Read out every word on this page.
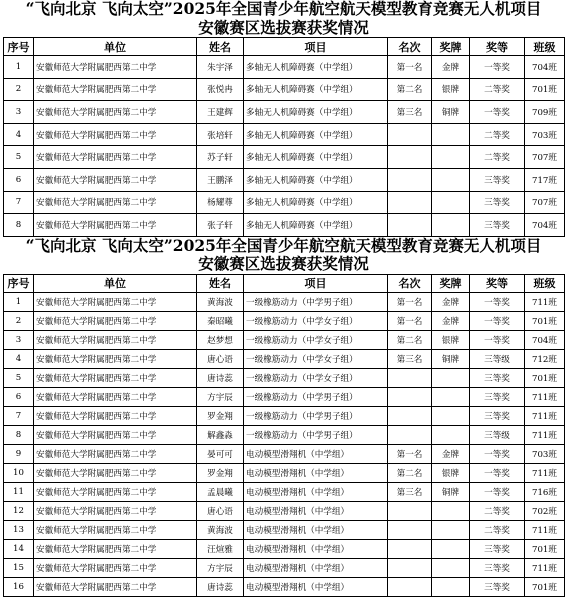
“飞向北京 飞向太空”2025年全国青少年航空航天模型教育竞赛无人机项目
安徽赛区选拔赛获奖情况
序号	单位	姓名	项目	名次	奖牌	奖等	班级
1	安徽师范大学附属肥西第二中学	朱宇泽	多轴无人机障碍赛（中学组）	第一名	金牌	一等奖	704班
2	安徽师范大学附属肥西第二中学	张悦冉	多轴无人机障碍赛（中学组）	第二名	银牌	二等奖	701班
3	安徽师范大学附属肥西第二中学	王建辉	多轴无人机障碍赛（中学组）	第三名	铜牌	一等奖	709班
4	安徽师范大学附属肥西第二中学	张培轩	多轴无人机障碍赛（中学组）			二等奖	703班
5	安徽师范大学附属肥西第二中学	苏子轩	多轴无人机障碍赛（中学组）			二等奖	707班
6	安徽师范大学附属肥西第二中学	王鹏泽	多轴无人机障碍赛（中学组）			三等奖	717班
7	安徽师范大学附属肥西第二中学	杨耀尊	多轴无人机障碍赛（中学组）			三等奖	707班
8	安徽师范大学附属肥西第二中学	张子轩	多轴无人机障碍赛（中学组）			三等奖	704班
“飞向北京 飞向太空”2025年全国青少年航空航天模型教育竞赛无人机项目
安徽赛区选拔赛获奖情况
序号	单位	姓名	项目	名次	奖牌	奖等	班级
1	安徽师范大学附属肥西第二中学	黄海波	一级橡筋动力（中学男子组）	第一名	金牌	一等奖	711班
2	安徽师范大学附属肥西第二中学	秦昭曦	一级橡筋动力（中学女子组）	第一名	金牌	一等奖	701班
3	安徽师范大学附属肥西第二中学	赵梦想	一级橡筋动力（中学女子组）	第二名	银牌	一等奖	704班
4	安徽师范大学附属肥西第二中学	唐心语	一级橡筋动力（中学女子组）	第三名	铜牌	三等级	712班
5	安徽师范大学附属肥西第二中学	唐诗蕊	一级橡筋动力（中学女子组）			三等奖	701班
6	安徽师范大学附属肥西第二中学	方宇辰	一级橡筋动力（中学男子组）			三等奖	711班
7	安徽师范大学附属肥西第二中学	罗金翔	一级橡筋动力（中学男子组）			三等奖	711班
8	安徽师范大学附属肥西第二中学	解鑫淼	一级橡筋动力（中学男子组）			三等级	711班
9	安徽师范大学附属肥西第二中学	晏可可	电动模型滑翔机（中学组）	第一名	金牌	一等奖	703班
10	安徽师范大学附属肥西第二中学	罗金翔	电动模型滑翔机（中学组）	第二名	银牌	一等奖	711班
11	安徽师范大学附属肥西第二中学	孟晨曦	电动模型滑翔机（中学组）	第三名	铜牌	一等奖	716班
12	安徽师范大学附属肥西第二中学	唐心语	电动模型滑翔机（中学组）			二等奖	702班
13	安徽师范大学附属肥西第二中学	黄海波	电动模型滑翔机（中学组）			二等奖	711班
14	安徽师范大学附属肥西第二中学	汪煊雅	电动模型滑翔机（中学组）			三等奖	701班
15	安徽师范大学附属肥西第二中学	方宇辰	电动模型滑翔机（中学组）			三等奖	711班
16	安徽师范大学附属肥西第二中学	唐诗蕊	电动模型滑翔机（中学组）			三等奖	701班
